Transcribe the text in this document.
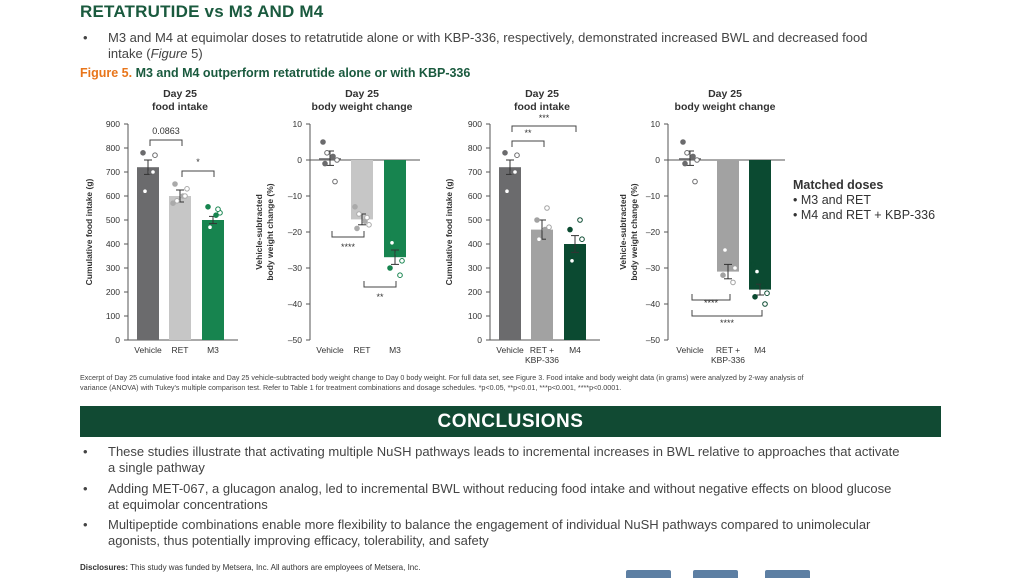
RETATRUTIDE vs M3 AND M4
• M3 and M4 at equimolar doses to retatrutide alone or with KBP-336, respectively, demonstrated increased BWL and decreased food
intake (Figure 5)
Figure 5. M3 and M4 outperform retatrutide alone or with KBP-336
Day 25
food intake
900
800
700
600
500
400
300
200
100
0
Cumulative food intake (g)
Vehicle RET M3
0.0863
*
Day 25
body weight change
10
0
–10
–20
–30
–40
–50
Vehicle-subtracted body weight change (%)
Vehicle RET M3
****
**
Day 25
food intake
900
800
700
600
500
400
300
200
100
0
Cumulative food intake (g)
Vehicle RET +
KBP-336
M4
**
***
Day 25
body weight change
10
0
–10
–20
–30
–40
–50
Vehicle-subtracted body weight change (%)
Vehicle RET +
KBP-336
M4
****
****
Matched doses
• M3 and RET
• M4 and RET + KBP-336
Excerpt of Day 25 cumulative food intake and Day 25 vehicle-subtracted body weight change to Day 0 body weight. For full data set, see Figure 3. Food intake and body weight data (in grams) were analyzed by 2-way analysis of
variance (ANOVA) with Tukey's multiple comparison test. Refer to Table 1 for treatment combinations and dosage schedules. *p<0.05, **p<0.01, ***p<0.001, ****p<0.0001.
CONCLUSIONS
• These studies illustrate that activating multiple NuSH pathways leads to incremental increases in BWL relative to approaches that activate
a single pathway
• Adding MET-067, a glucagon analog, led to incremental BWL without reducing food intake and without negative effects on blood glucose
at equimolar concentrations
• Multipeptide combinations enable more flexibility to balance the engagement of individual NuSH pathways compared to unimolecular
agonists, thus potentially improving efficacy, tolerability, and safety
Disclosures: This study was funded by Metsera, Inc. All authors are employees of Metsera, Inc.
